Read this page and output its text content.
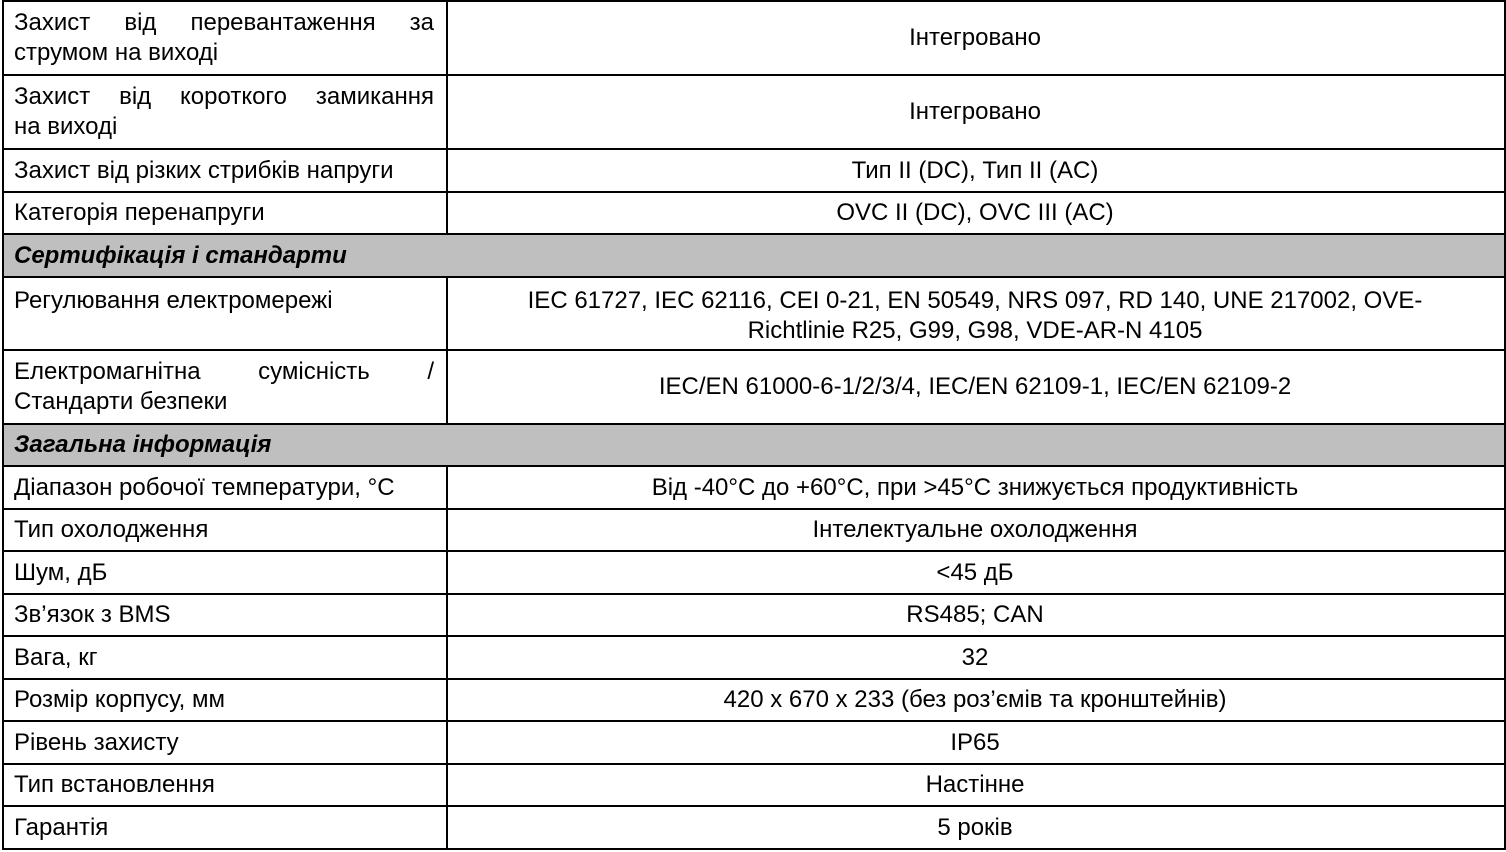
Захист від перевантаження за
струмом на виході	Інтегровано

Захист від короткого замикання
на виході	Інтегровано
Захист від різких стрибків напруги	Тип II (DC), Тип II (AC)
Категорія перенапруги	OVC II (DC), OVC III (AC)
Сертифікація і стандарти	
Регулювання електромережі	IEC 61727, IEC 62116, CEI 0-21, EN 50549, NRS 097, RD 140, UNE 217002, OVE-
Richtlinie R25, G99, G98, VDE-AR-N 4105

Електромагнітна сумісність /
Стандарти безпеки	IEC/EN 61000-6-1/2/3/4, IEC/EN 62109-1, IEC/EN 62109-2
Загальна інформація	
Діапазон робочої температури, °C	Від -40°C до +60°C, при >45°C знижується продуктивність
Тип охолодження	Інтелектуальне охолодження
Шум, дБ	<45 дБ
Зв’язок з BMS	RS485; CAN
Вага, кг	32
Розмір корпусу, мм	420 x 670 x 233 (без роз’ємів та кронштейнів)
Рівень захисту	IP65
Тип встановлення	Настінне
Гарантія	5 років
